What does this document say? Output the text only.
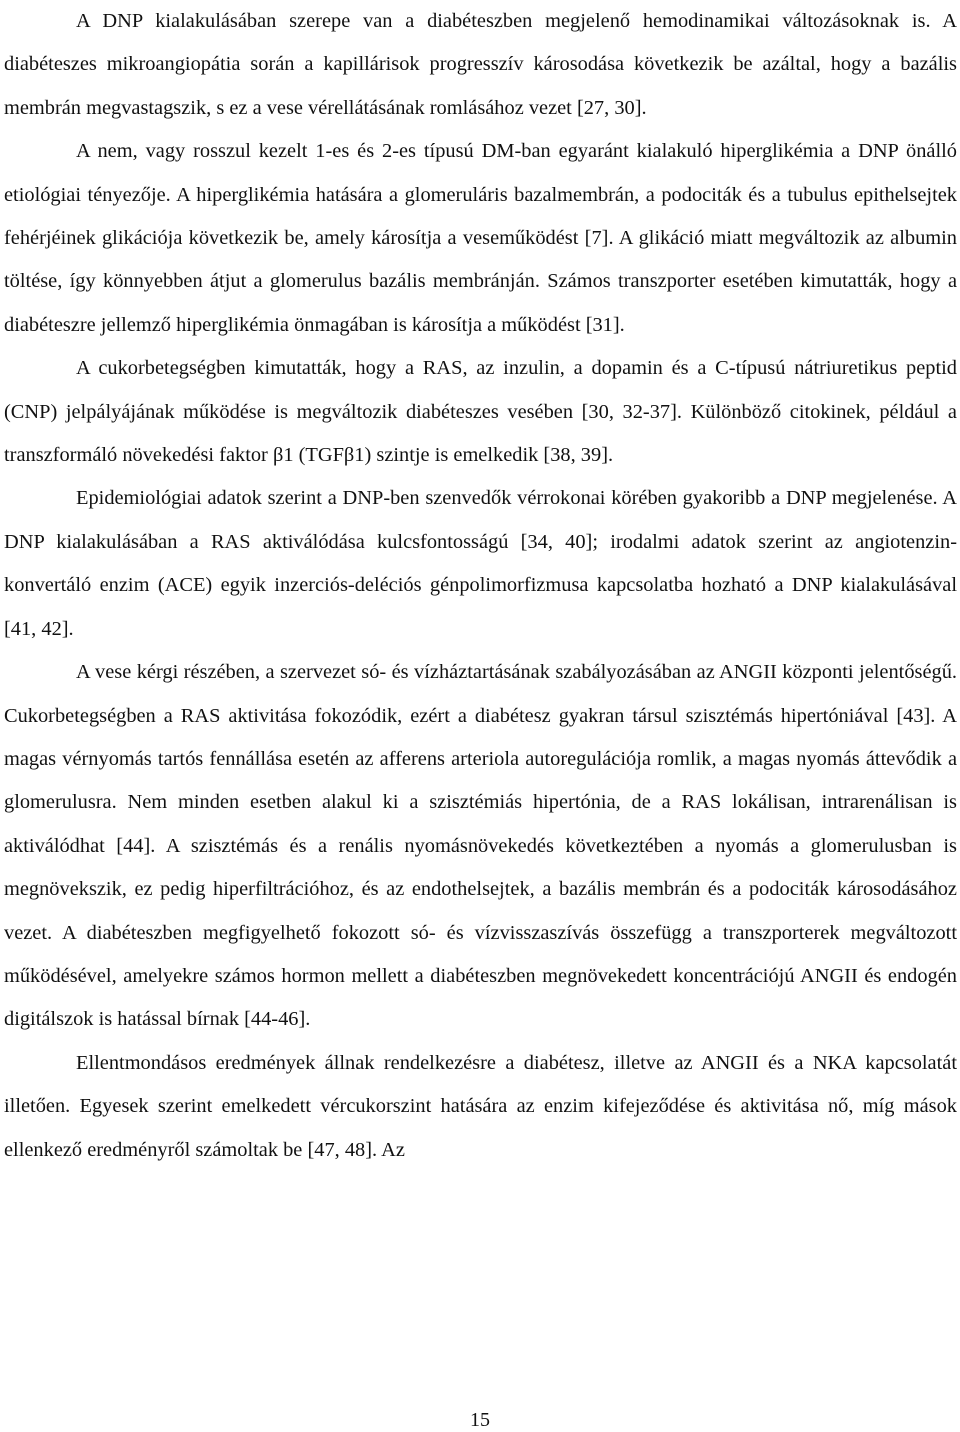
A DNP kialakulásában szerepe van a diabéteszben megjelenő hemodinamikai változásoknak is. A diabéteszes mikroangiopátia során a kapillárisok progresszív károsodása következik be azáltal, hogy a bazális membrán megvastagszik, s ez a vese vérellátásának romlásához vezet [27, 30].

A nem, vagy rosszul kezelt 1-es és 2-es típusú DM-ban egyaránt kialakuló hiperglikémia a DNP önálló etiológiai tényezője. A hiperglikémia hatására a glomeruláris bazalmembrán, a podociták és a tubulus epithelsejtek fehérjéinek glikációja következik be, amely károsítja a veseműködést [7]. A glikáció miatt megváltozik az albumin töltése, így könnyebben átjut a glomerulus bazális membránján. Számos transzporter esetében kimutatták, hogy a diabéteszre jellemző hiperglikémia önmagában is károsítja a működést [31].

A cukorbetegségben kimutatták, hogy a RAS, az inzulin, a dopamin és a C-típusú nátriuretikus peptid (CNP) jelpályájának működése is megváltozik diabéteszes vesében [30, 32-37]. Különböző citokinek, például a transzformáló növekedési faktor β1 (TGFβ1) szintje is emelkedik [38, 39].

Epidemiológiai adatok szerint a DNP-ben szenvedők vérrokonai körében gyakoribb a DNP megjelenése. A DNP kialakulásában a RAS aktiválódása kulcsfontosságú [34, 40]; irodalmi adatok szerint az angiotenzin-konvertáló enzim (ACE) egyik inzerciós-deléciós génpolimorfizmusa kapcsolatba hozható a DNP kialakulásával [41, 42].

A vese kérgi részében, a szervezet só- és vízháztartásának szabályozásában az ANGII központi jelentőségű. Cukorbetegségben a RAS aktivitása fokozódik, ezért a diabétesz gyakran társul szisztémás hipertóniával [43]. A magas vérnyomás tartós fennállása esetén az afferens arteriola autoregulációja romlik, a magas nyomás áttevődik a glomerulusra. Nem minden esetben alakul ki a szisztémiás hipertónia, de a RAS lokálisan, intrarenálisan is aktiválódhat [44]. A szisztémás és a renális nyomásnövekedés következtében a nyomás a glomerulusban is megnövekszik, ez pedig hiperfiltrációhoz, és az endothelsejtek, a bazális membrán és a podociták károsodásához vezet. A diabéteszben megfigyelhető fokozott só- és vízvisszaszívás összefügg a transzporterek megváltozott működésével, amelyekre számos hormon mellett a diabéteszben megnövekedett koncentrációjú ANGII és endogén digitálszok is hatással bírnak [44-46].

Ellentmondásos eredmények állnak rendelkezésre a diabétesz, illetve az ANGII és a NKA kapcsolatát illetően. Egyesek szerint emelkedett vércukorszint hatására az enzim kifejeződése és aktivitása nő, míg mások ellenkező eredményről számoltak be [47, 48]. Az

15
